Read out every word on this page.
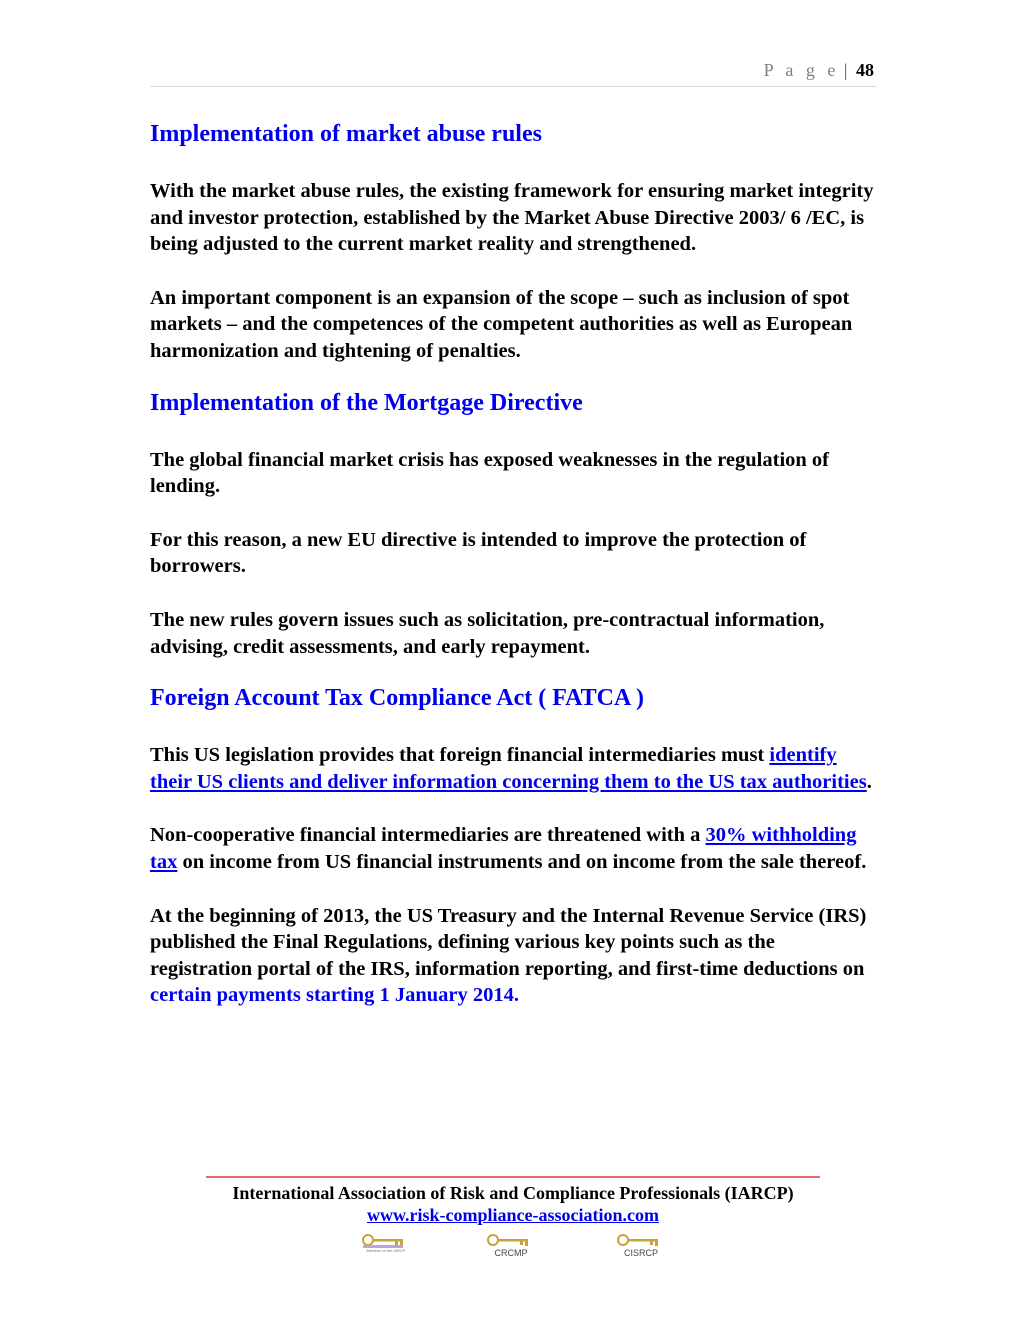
P a g e | 48
Implementation of market abuse rules

With the market abuse rules, the existing framework for ensuring market integrity and investor protection, established by the Market Abuse Directive 2003/ 6 /EC, is being adjusted to the current market reality and strengthened.

An important component is an expansion of the scope – such as inclusion of spot markets – and the competences of the competent authorities as well as European harmonization and tightening of penalties.

Implementation of the Mortgage Directive

The global financial market crisis has exposed weaknesses in the regulation of lending.

For this reason, a new EU directive is intended to improve the protection of borrowers.

The new rules govern issues such as solicitation, pre-contractual information, advising, credit assessments, and early repayment.

Foreign Account Tax Compliance Act ( FATCA )

This US legislation provides that foreign financial intermediaries must identify their US clients and deliver information concerning them to the US tax authorities.

Non-cooperative financial intermediaries are threatened with a 30% withholding tax on income from US financial instruments and on income from the sale thereof.

At the beginning of 2013, the US Treasury and the Internal Revenue Service (IRS) published the Final Regulations, defining various key points such as the registration portal of the IRS, information reporting, and first-time deductions on certain payments starting 1 January 2014.

International Association of Risk and Compliance Professionals (IARCP)
www.risk-compliance-association.com
Member of the IARCP	CRCMP	CISRCP
